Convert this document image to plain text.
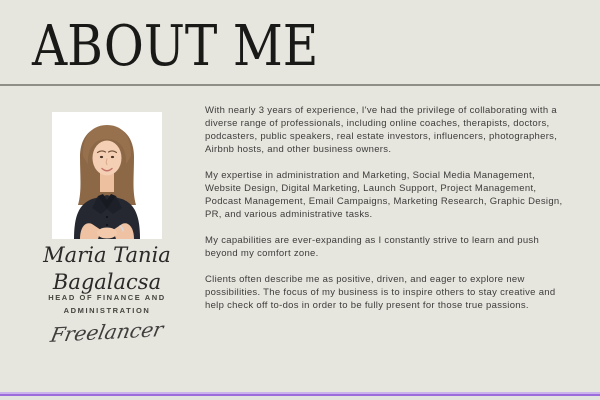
ABOUT ME
Maria Tania Bagalacsa
HEAD OF FINANCE AND ADMINISTRATION
Freelancer

With nearly 3 years of experience, I've had the privilege of collaborating with a diverse range of professionals, including online coaches, therapists, doctors, podcasters, public speakers, real estate investors, influencers, photographers, Airbnb hosts, and other business owners.

My expertise in administration and Marketing, Social Media Management, Website Design, Digital Marketing, Launch Support, Project Management, Podcast Management, Email Campaigns, Marketing Research, Graphic Design, PR, and various administrative tasks.

My capabilities are ever-expanding as I constantly strive to learn and push beyond my comfort zone.

Clients often describe me as positive, driven, and eager to explore new possibilities. The focus of my business is to inspire others to stay creative and help check off to-dos in order to be fully present for those true passions.
